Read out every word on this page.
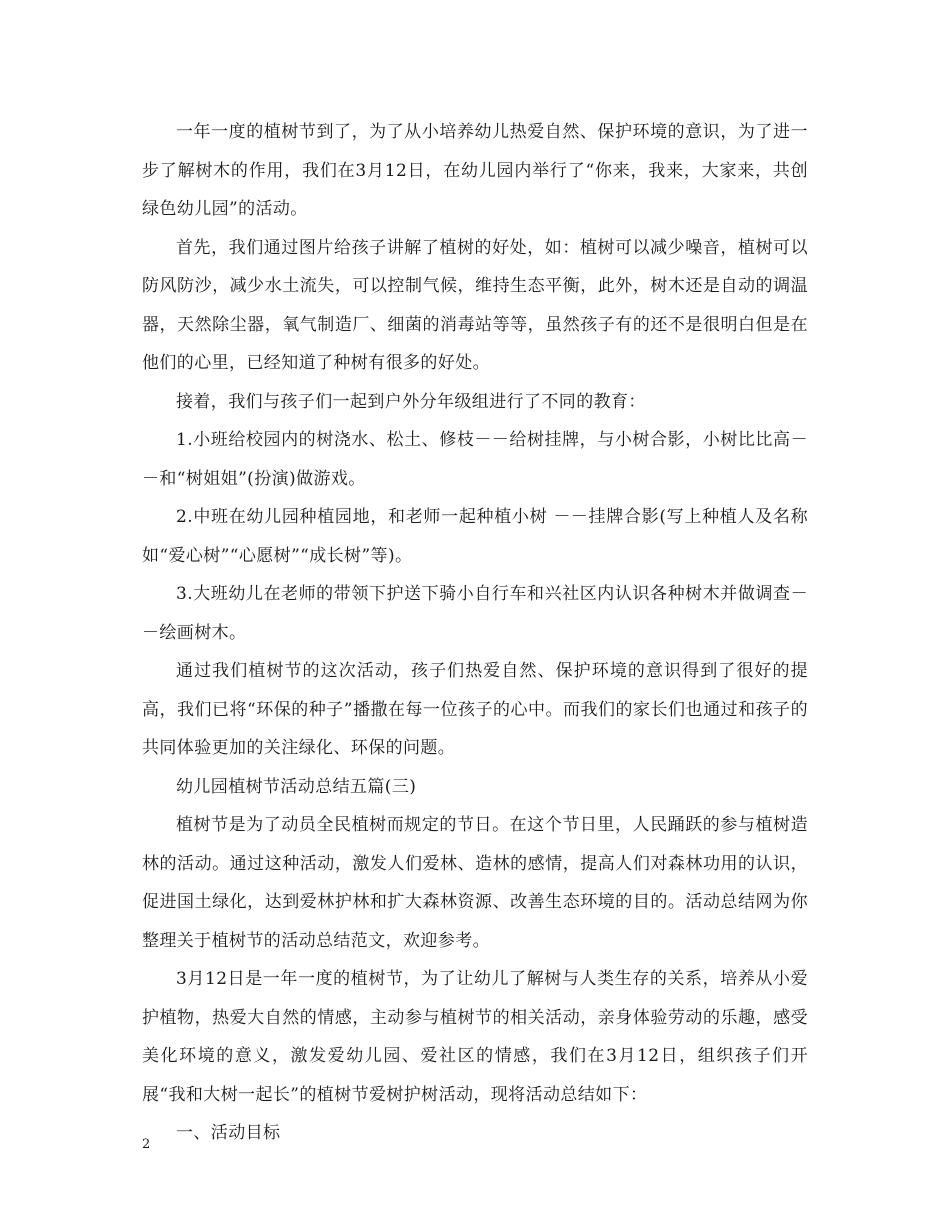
一年一度的植树节到了，为了从小培养幼儿热爱自然、保护环境的意识，为了进一步了解树木的作用，我们在3月12日，在幼儿园内举行了“你来，我来，大家来，共创绿色幼儿园”的活动。

首先，我们通过图片给孩子讲解了植树的好处，如：植树可以减少噪音，植树可以防风防沙，减少水土流失，可以控制气候，维持生态平衡，此外，树木还是自动的调温器，天然除尘器，氧气制造厂、细菌的消毒站等等，虽然孩子有的还不是很明白但是在他们的心里，已经知道了种树有很多的好处。

接着，我们与孩子们一起到户外分年级组进行了不同的教育：

1.小班给校园内的树浇水、松土、修枝－－给树挂牌，与小树合影，小树比比高－－和“树姐姐”(扮演)做游戏。

2.中班在幼儿园种植园地，和老师一起种植小树 －－挂牌合影(写上种植人及名称如“爱心树”“心愿树”“成长树”等)。

3.大班幼儿在老师的带领下护送下骑小自行车和兴社区内认识各种树木并做调查－－绘画树木。

通过我们植树节的这次活动，孩子们热爱自然、保护环境的意识得到了很好的提高，我们已将“环保的种子”播撒在每一位孩子的心中。而我们的家长们也通过和孩子的共同体验更加的关注绿化、环保的问题。

幼儿园植树节活动总结五篇(三)

植树节是为了动员全民植树而规定的节日。在这个节日里，人民踊跃的参与植树造林的活动。通过这种活动，激发人们爱林、造林的感情，提高人们对森林功用的认识，促进国土绿化，达到爱林护林和扩大森林资源、改善生态环境的目的。活动总结网为你整理关于植树节的活动总结范文，欢迎参考。

3月12日是一年一度的植树节，为了让幼儿了解树与人类生存的关系，培养从小爱护植物，热爱大自然的情感，主动参与植树节的相关活动，亲身体验劳动的乐趣，感受美化环境的意义，激发爱幼儿园、爱社区的情感，我们在3月12日，组织孩子们开展“我和大树一起长”的植树节爱树护树活动，现将活动总结如下：

一、活动目标

2
